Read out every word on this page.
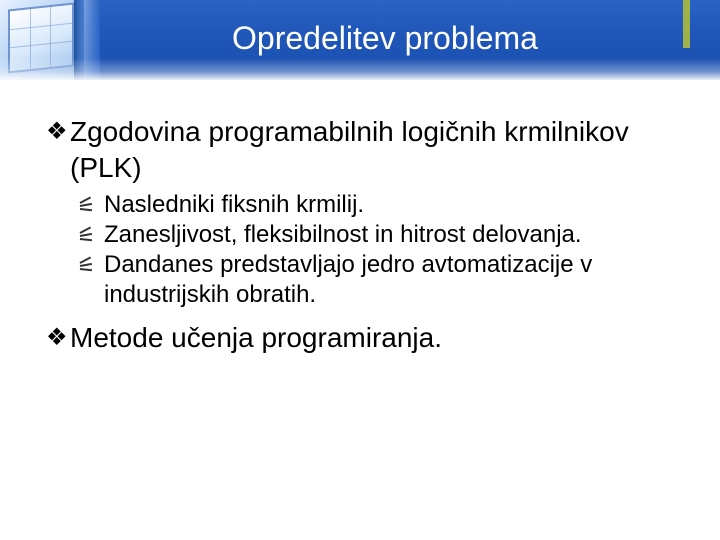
Opredelitev problema

❖ Zgodovina programabilnih logičnih krmilnikov (PLK)

Nasledniki fiksnih krmilij.
Zanesljivost, fleksibilnost in hitrost delovanja.
Dandanes predstavljajo jedro avtomatizacije v industrijskih obratih.

❖ Metode učenja programiranja.
